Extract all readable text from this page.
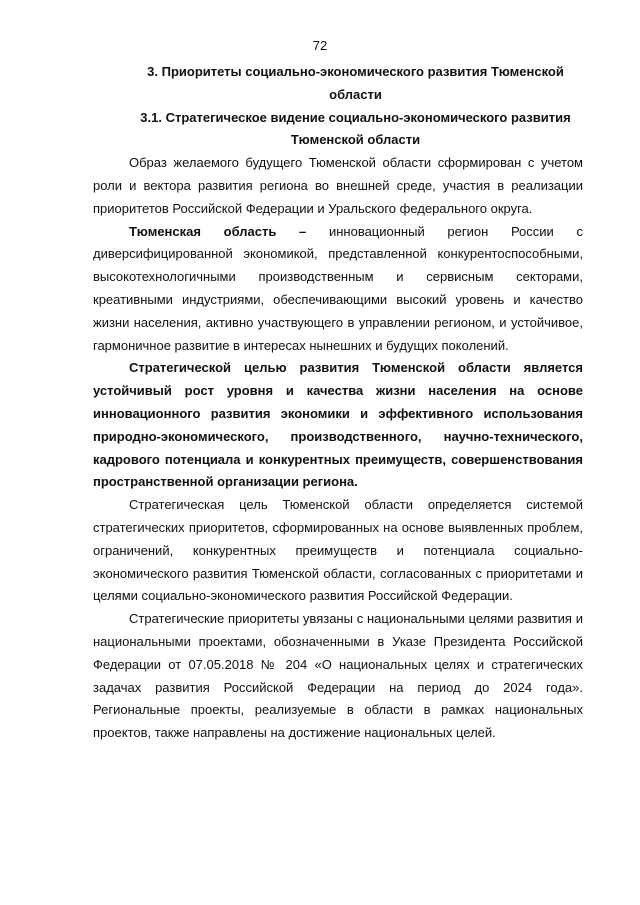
72
3. Приоритеты социально-экономического развития Тюменской области
3.1. Стратегическое видение социально-экономического развития Тюменской области

Образ желаемого будущего Тюменской области сформирован с учетом роли и вектора развития региона во внешней среде, участия в реализации приоритетов Российской Федерации и Уральского федерального округа.

Тюменская область – инновационный регион России с диверсифицированной экономикой, представленной конкурентоспособными, высокотехнологичными производственным и сервисным секторами, креативными индустриями, обеспечивающими высокий уровень и качество жизни населения, активно участвующего в управлении регионом, и устойчивое, гармоничное развитие в интересах нынешних и будущих поколений.

Стратегической целью развития Тюменской области является устойчивый рост уровня и качества жизни населения на основе инновационного развития экономики и эффективного использования природно-экономического, производственного, научно-технического, кадрового потенциала и конкурентных преимуществ, совершенствования пространственной организации региона.

Стратегическая цель Тюменской области определяется системой стратегических приоритетов, сформированных на основе выявленных проблем, ограничений, конкурентных преимуществ и потенциала социально-экономического развития Тюменской области, согласованных с приоритетами и целями социально-экономического развития Российской Федерации.

Стратегические приоритеты увязаны с национальными целями развития и национальными проектами, обозначенными в Указе Президента Российской Федерации от 07.05.2018 № 204 «О национальных целях и стратегических задачах развития Российской Федерации на период до 2024 года». Региональные проекты, реализуемые в области в рамках национальных проектов, также направлены на достижение национальных целей.
